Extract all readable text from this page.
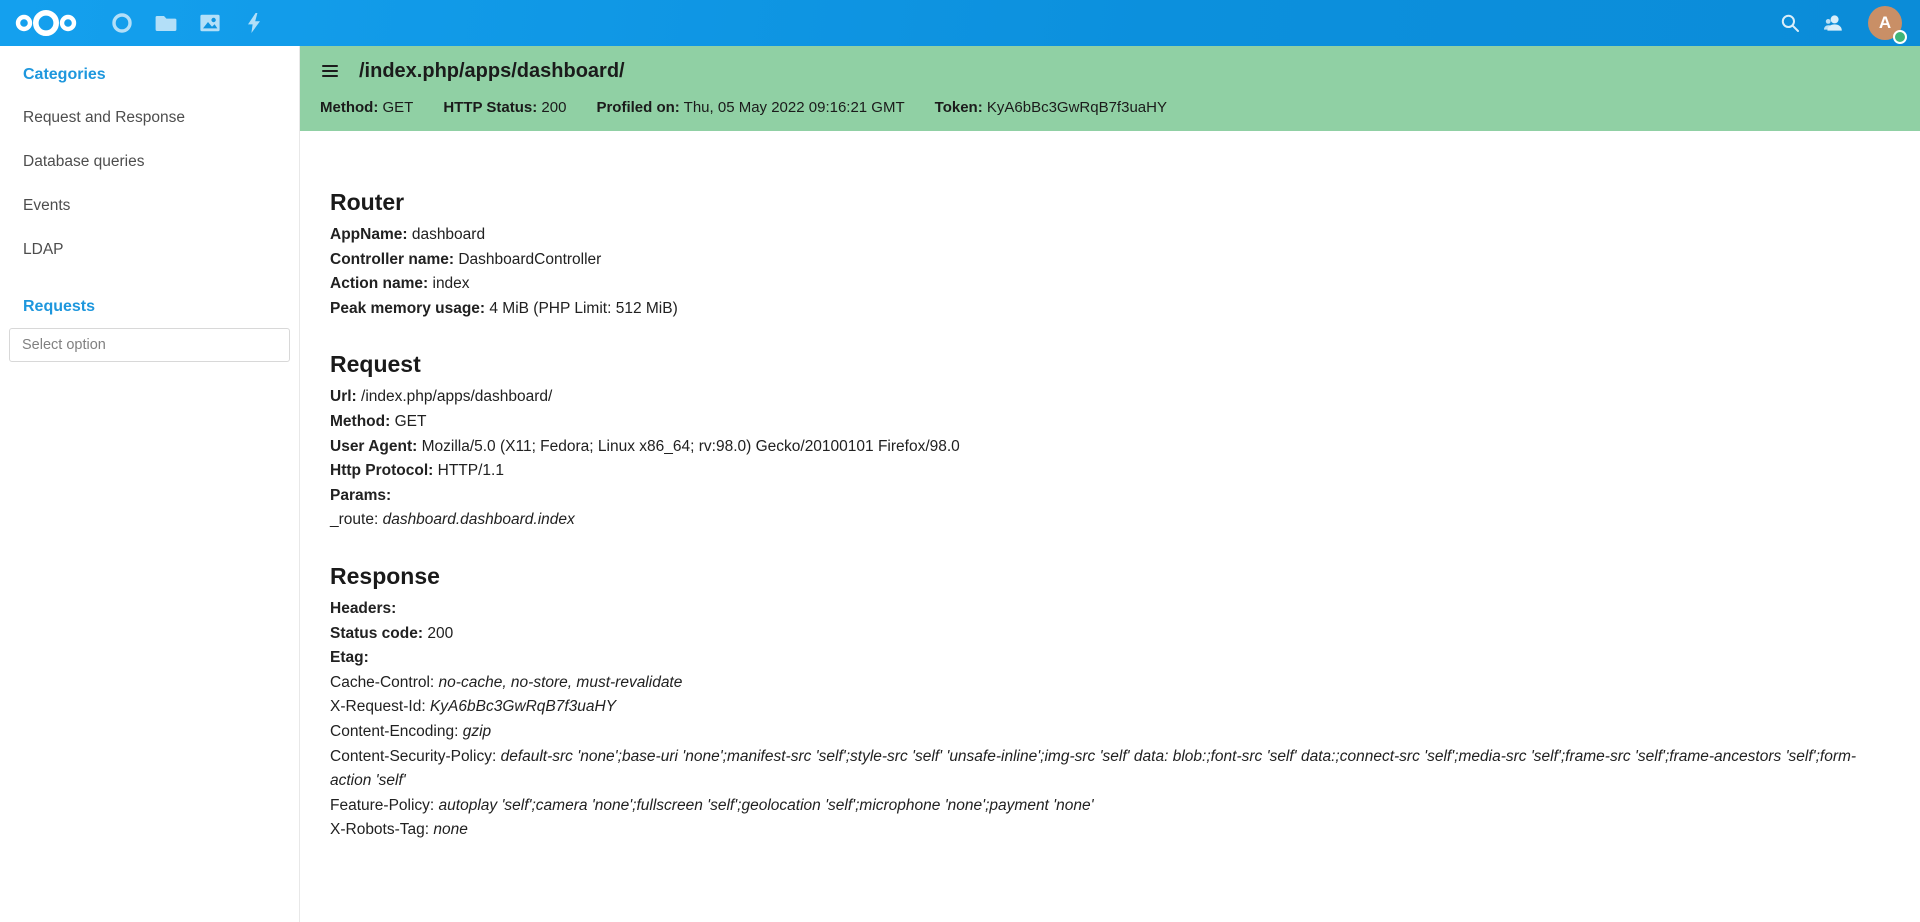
A
Categories
Request and Response
Database queries
Events
LDAP
Requests
Select option
/index.php/apps/dashboard/
Method: GET HTTP Status: 200 Profiled on: Thu, 05 May 2022 09:16:21 GMT Token: KyA6bBc3GwRqB7f3uaHY
Router
AppName: dashboard
Controller name: DashboardController
Action name: index
Peak memory usage: 4 MiB (PHP Limit: 512 MiB)
Request
Url: /index.php/apps/dashboard/
Method: GET
User Agent: Mozilla/5.0 (X11; Fedora; Linux x86_64; rv:98.0) Gecko/20100101 Firefox/98.0
Http Protocol: HTTP/1.1
Params:
_route: dashboard.dashboard.index
Response
Headers:
Status code: 200
Etag:
Cache-Control: no-cache, no-store, must-revalidate
X-Request-Id: KyA6bBc3GwRqB7f3uaHY
Content-Encoding: gzip
Content-Security-Policy: default-src 'none';base-uri 'none';manifest-src 'self';style-src 'self' 'unsafe-inline';img-src 'self' data: blob:;font-src 'self' data:;connect-src 'self';media-src 'self';frame-src 'self';frame-ancestors 'self';form-action 'self'
Feature-Policy: autoplay 'self';camera 'none';fullscreen 'self';geolocation 'self';microphone 'none';payment 'none'
X-Robots-Tag: none
